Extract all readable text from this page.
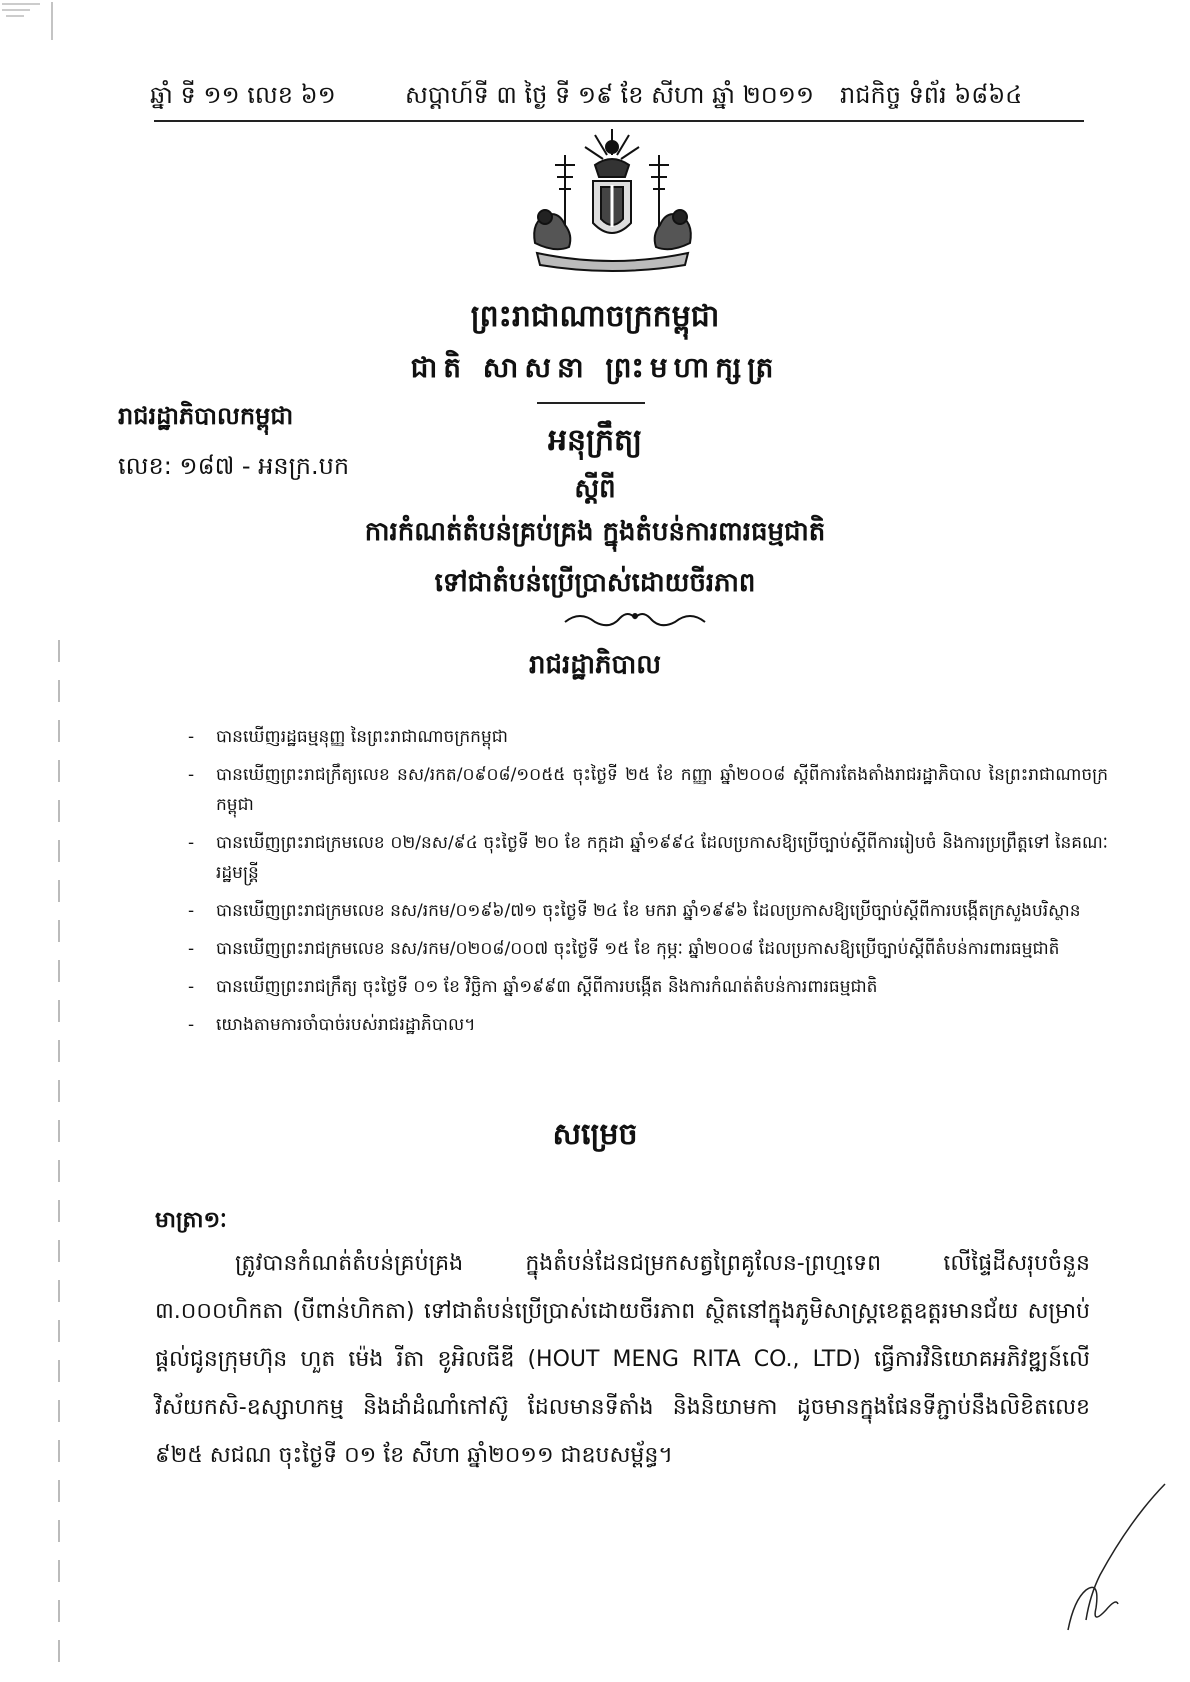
ឆ្នាំ ទី ១១ លេខ ៦១	សប្តាហ៍ទី ៣ ថ្ងៃ ទី ១៩ ខែ សីហា ឆ្នាំ ២០១១ រាជកិច្ច ទំព័រ ៦៨៦៤
ព្រះរាជាណាចក្រកម្ពុជា
ជាតិ សាសនា ព្រះមហាក្សត្រ
រាជរដ្ឋាភិបាលកម្ពុជា
លេខ: ១៨៧ - អនក្រ.បក
អនុក្រឹត្យ
ស្តីពី
ការកំណត់តំបន់គ្រប់គ្រង ក្នុងតំបន់ការពារធម្មជាតិ
ទៅជាតំបន់ប្រើប្រាស់ដោយចីរភាព
រាជរដ្ឋាភិបាល
- បានឃើញរដ្ឋធម្មនុញ្ញ នៃព្រះរាជាណាចក្រកម្ពុជា
- បានឃើញព្រះរាជក្រឹត្យលេខ នស/រកត/០៩០៨/១០៥៥ ចុះថ្ងៃទី ២៥ ខែ កញ្ញា ឆ្នាំ២០០៨ ស្តីពីការតែងតាំងរាជរដ្ឋាភិបាល នៃព្រះរាជាណាចក្រកម្ពុជា
- បានឃើញព្រះរាជក្រមលេខ ០២/នស/៩៤ ចុះថ្ងៃទី ២០ ខែ កក្កដា ឆ្នាំ១៩៩៤ ដែលប្រកាសឱ្យប្រើច្បាប់ស្តីពីការរៀបចំ និងការប្រព្រឹត្តទៅ នៃគណៈរដ្ឋមន្ត្រី
- បានឃើញព្រះរាជក្រមលេខ នស/រកម/០១៩៦/៧១ ចុះថ្ងៃទី ២៤ ខែ មករា ឆ្នាំ១៩៩៦ ដែលប្រកាសឱ្យប្រើច្បាប់ស្តីពីការបង្កើតក្រសួងបរិស្ថាន
- បានឃើញព្រះរាជក្រមលេខ នស/រកម/០២០៨/០០៧ ចុះថ្ងៃទី ១៥ ខែ កុម្ភៈ ឆ្នាំ២០០៨ ដែលប្រកាសឱ្យប្រើច្បាប់ស្តីពីតំបន់ការពារធម្មជាតិ
- បានឃើញព្រះរាជក្រឹត្យ ចុះថ្ងៃទី ០១ ខែ វិច្ឆិកា ឆ្នាំ១៩៩៣ ស្តីពីការបង្កើត និងការកំណត់តំបន់ការពារធម្មជាតិ
- យោងតាមការចាំបាច់របស់រាជរដ្ឋាភិបាល។
សម្រេច
មាត្រា១ៈ
ត្រូវបានកំណត់តំបន់គ្រប់គ្រង ក្នុងតំបន់ដែនជម្រកសត្វព្រៃគូលែន-ព្រហ្មទេព លើផ្ទៃដីសរុបចំនួន ៣.០០០ហិកតា (បីពាន់ហិកតា) ទៅជាតំបន់ប្រើប្រាស់ដោយចីរភាព ស្ថិតនៅក្នុងភូមិសាស្ត្រខេត្តឧត្តរមានជ័យ សម្រាប់ផ្តល់ជូនក្រុមហ៊ុន ហួត ម៉េង រីតា ខូអិលធីឌី (HOUT MENG RITA CO., LTD) ធ្វើការវិនិយោគអភិវឌ្ឍន៍លើវិស័យកសិ-ឧស្សាហកម្ម និងដាំដំណាំកៅស៊ូ ដែលមានទីតាំង និងនិយាមកា ដូចមានក្នុងផែនទីភ្ជាប់នឹងលិខិតលេខ ៩២៥ សជណ ចុះថ្ងៃទី ០១ ខែ សីហា ឆ្នាំ២០១១ ជាឧបសម្ព័ន្ធ។
